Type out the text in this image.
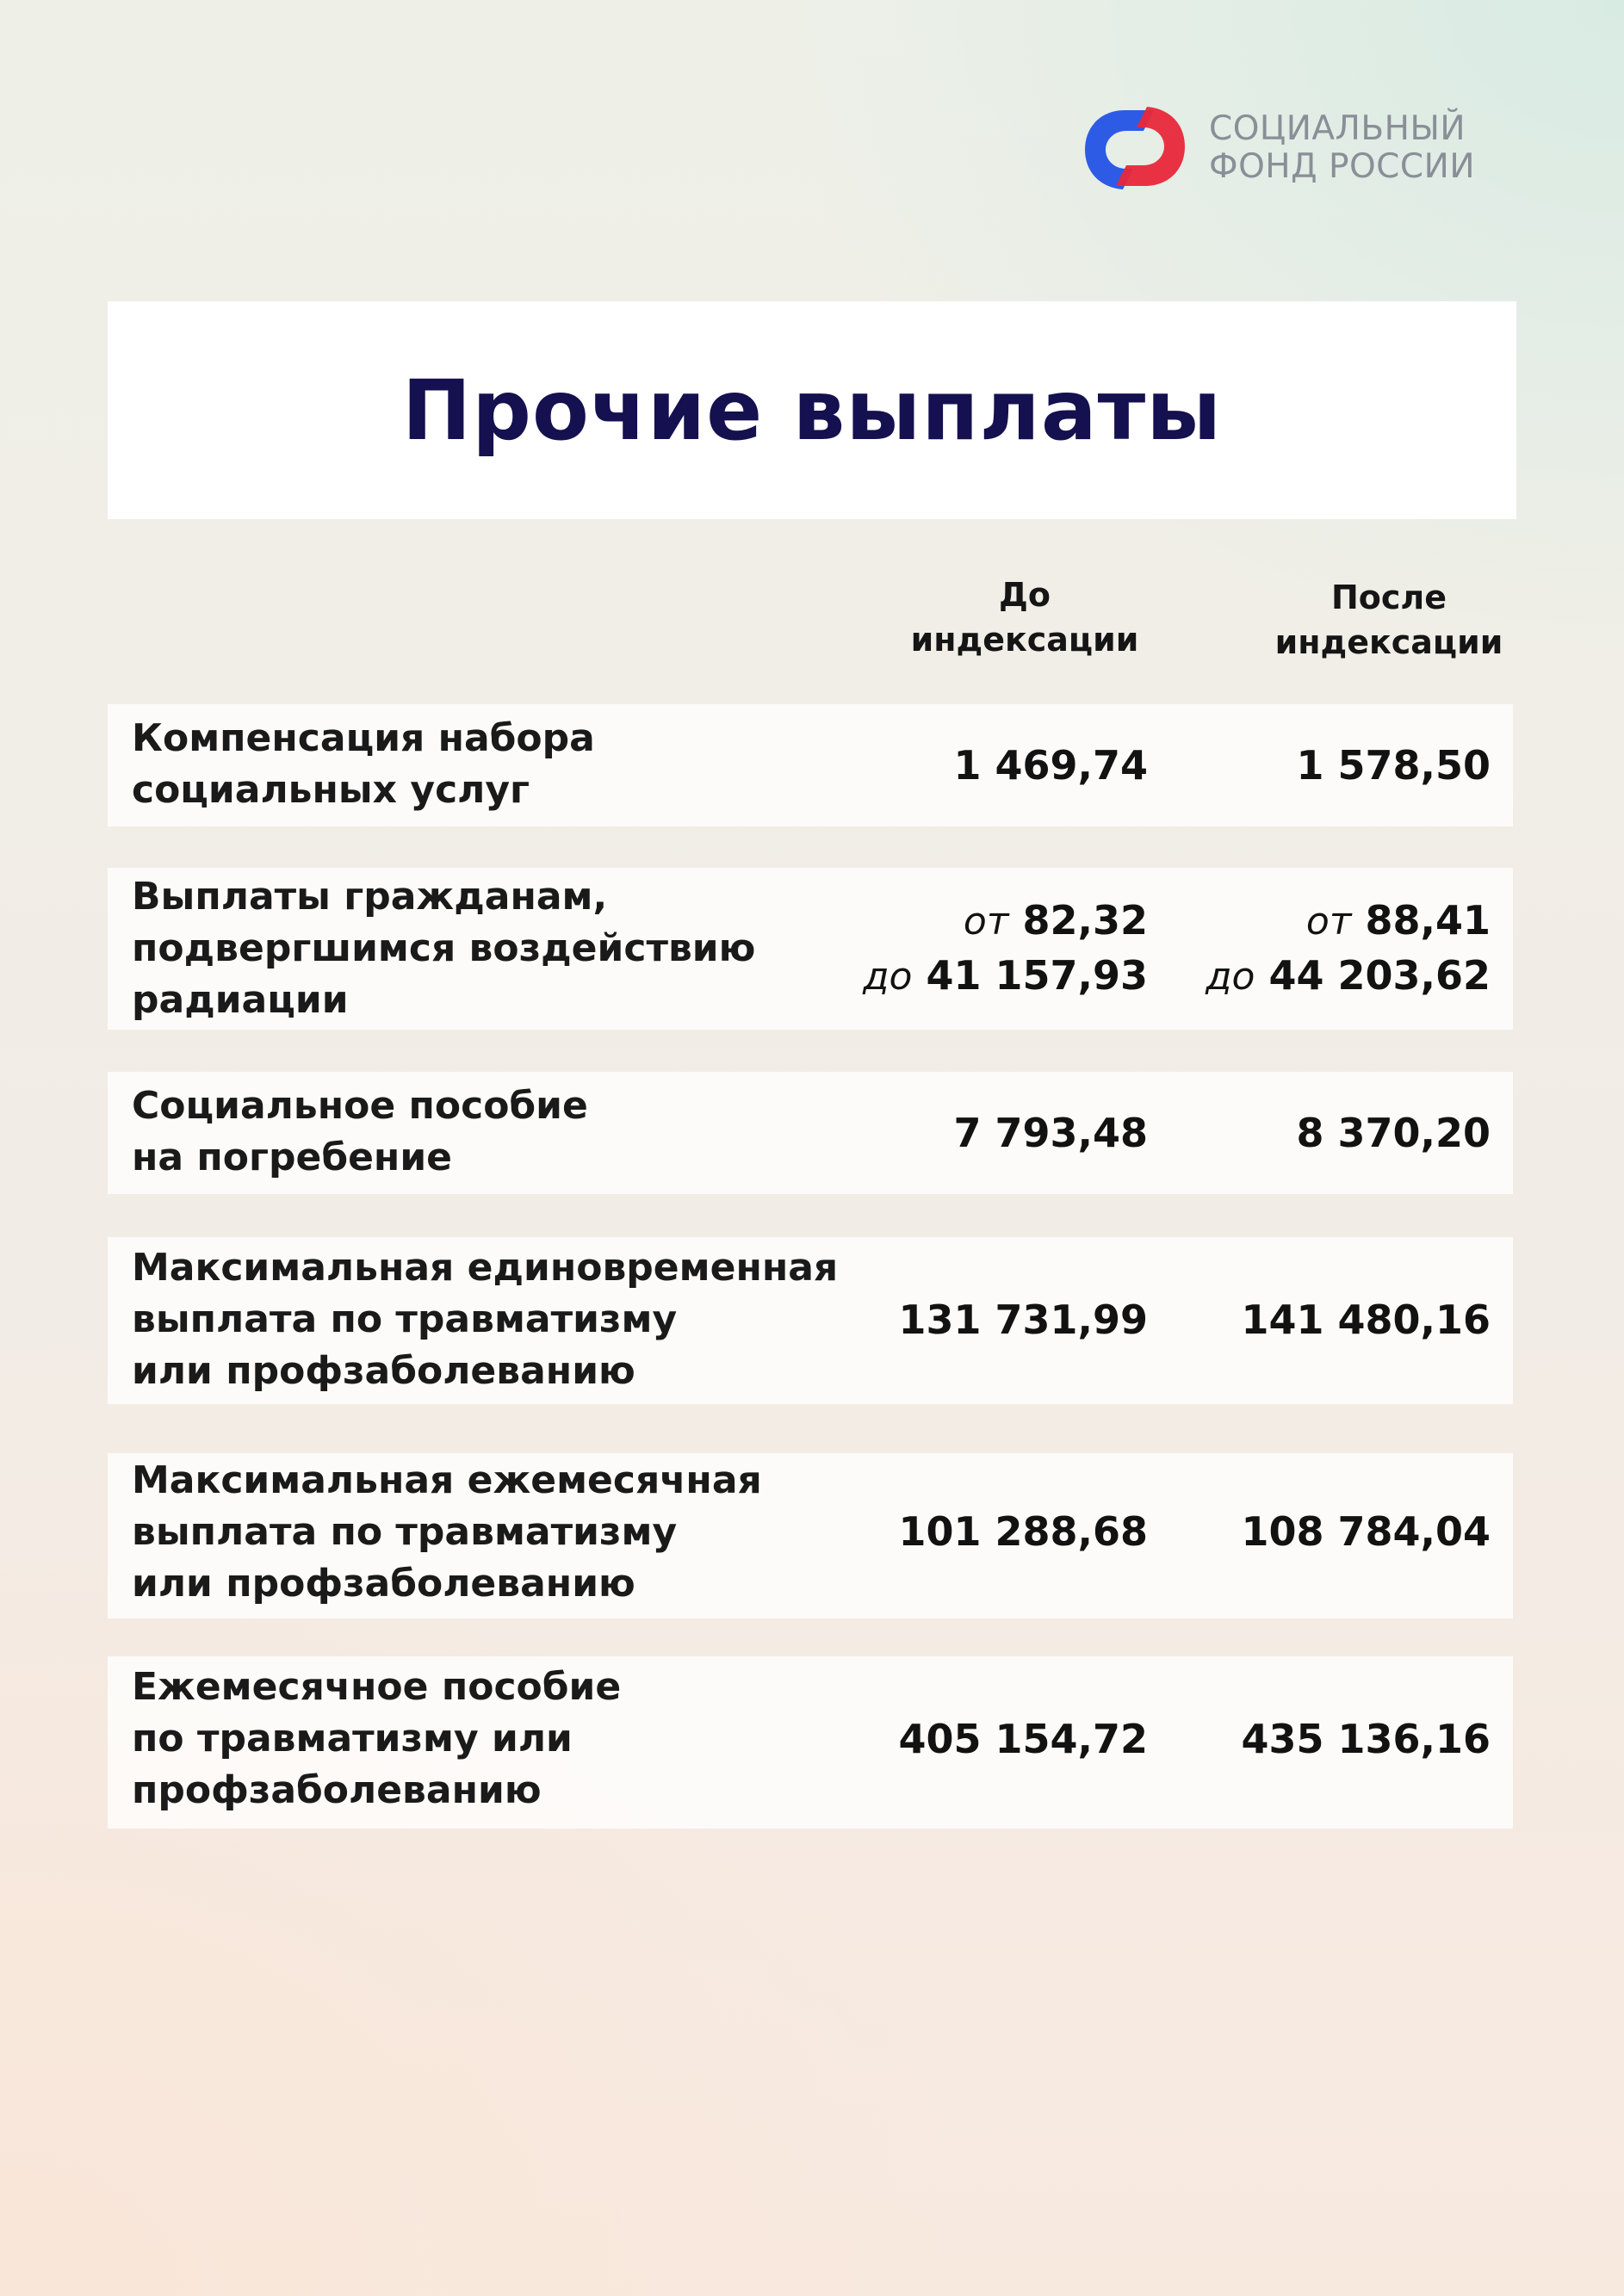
СОЦИАЛЬНЫЙ
ФОНД РОССИИ
Прочие выплаты
До
индексации
После
индексации
Компенсация набора
социальных услуг
1 469,74	1 578,50
Выплаты гражданам,
подвергшимся воздействию
радиации
от 82,32
до 41 157,93
от 88,41
до 44 203,62
Социальное пособие
на погребение
7 793,48	8 370,20
Максимальная единовременная
выплата по травматизму
или профзаболеванию
131 731,99 141 480,16
Максимальная ежемесячная
выплата по травматизму
или профзаболеванию
101 288,68 108 784,04
Ежемесячное пособие
по травматизму или
профзаболеванию
405 154,72 435 136,16
